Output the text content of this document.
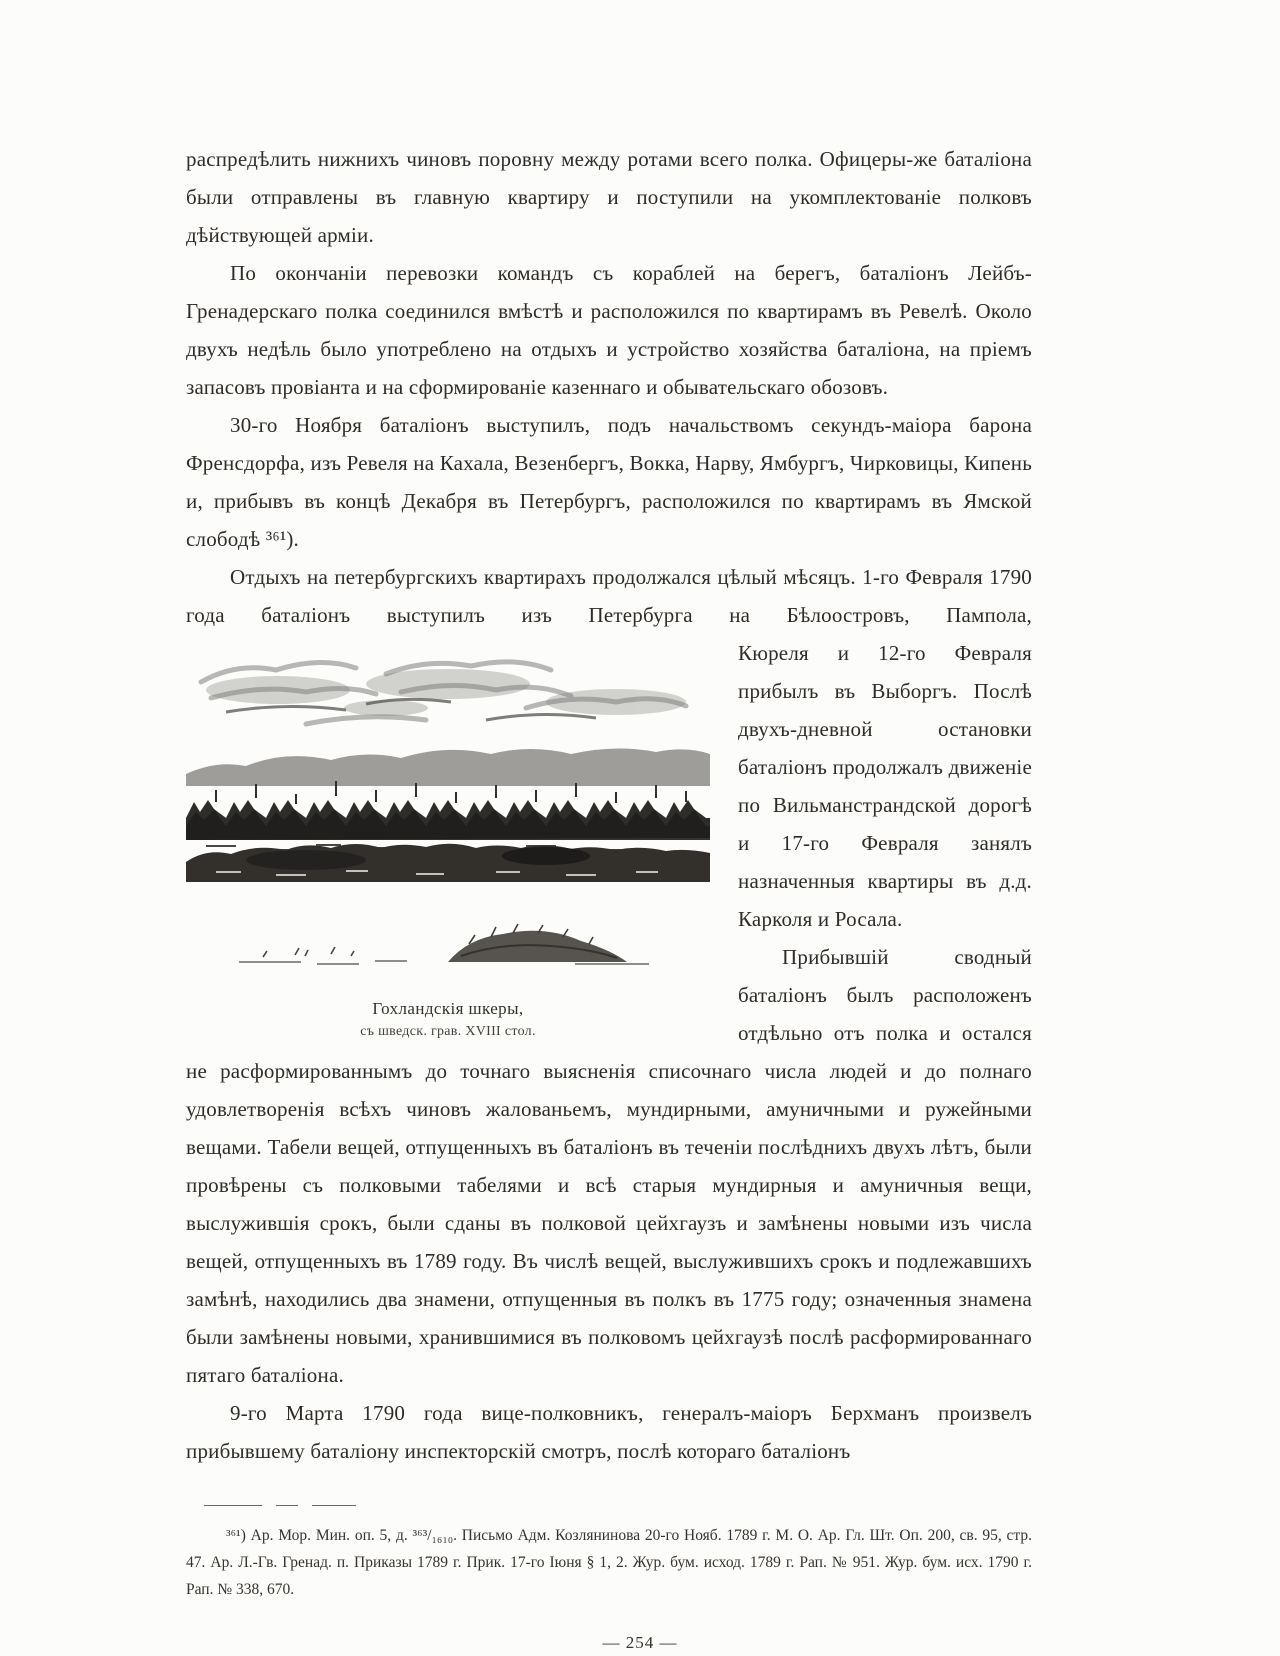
распредѣлить нижнихъ чиновъ поровну между ротами всего полка. Офицеры-же баталіона были отправлены въ главную квартиру и поступили на укомплектованіе полковъ дѣйствующей арміи.

По окончаніи перевозки командъ съ кораблей на берегъ, баталіонъ Лейбъ-Гренадерскаго полка соединился вмѣстѣ и расположился по квартирамъ въ Ревелѣ. Около двухъ недѣль было употреблено на отдыхъ и устройство хозяйства баталіона, на пріемъ запасовъ провіанта и на сформированіе казеннаго и обывательскаго обозовъ.

30-го Ноября баталіонъ выступилъ, подъ начальствомъ секундъ-маіора барона Френсдорфа, изъ Ревеля на Кахала, Везенбергъ, Вокка, Нарву, Ямбургъ, Чирковицы, Кипень и, прибывъ въ концѣ Декабря въ Петербургъ, расположился по квартирамъ въ Ямской слободѣ ³⁶¹).

Отдыхъ на петербургскихъ квартирахъ продолжался цѣлый мѣсяцъ. 1-го Февраля 1790 года баталіонъ выступилъ изъ Петербурга на Бѣлоостровъ, Пампола,

Гохландскія шкеры,
съ шведск. грав. XVIII стол.

Кюреля и 12-го Февраля прибылъ въ Выборгъ. Послѣ двухъ-дневной остановки баталіонъ продолжалъ движеніе по Вильманстрандской дорогѣ и 17-го Февраля занялъ назначенныя квартиры въ д.д. Карколя и Росала.

Прибывшій сводный баталіонъ былъ расположенъ отдѣльно отъ полка и остался не расформированнымъ до точнаго выясненія списочнаго числа людей и до полнаго удовлетворенія всѣхъ чиновъ жалованьемъ, мундирными, амуничными и ружейными вещами. Табели вещей, отпущенныхъ въ баталіонъ въ теченіи послѣднихъ двухъ лѣтъ, были провѣрены съ полковыми табелями и всѣ старыя мундирныя и амуничныя вещи, выслужившія срокъ, были сданы въ полковой цейхгаузъ и замѣнены новыми изъ числа вещей, отпущенныхъ въ 1789 году. Въ числѣ вещей, выслужившихъ срокъ и подлежавшихъ замѣнѣ, находились два знамени, отпущенныя въ полкъ въ 1775 году; означенныя знамена были замѣнены новыми, хранившимися въ полковомъ цейхгаузѣ послѣ расформированнаго пятаго баталіона.

9-го Марта 1790 года вице-полковникъ, генералъ-маіоръ Берхманъ произвелъ прибывшему баталіону инспекторскій смотръ, послѣ котораго баталіонъ

³⁶¹) Ар. Мор. Мин. оп. 5, д. ³⁶³/₁₆₁₀. Письмо Адм. Козлянинова 20-го Нояб. 1789 г. М. О. Ар. Гл. Шт. Оп. 200, св. 95, стр. 47. Ар. Л.-Гв. Гренад. п. Приказы 1789 г. Прик. 17-го Іюня § 1, 2. Жур. бум. исход. 1789 г. Рап. № 951. Жур. бум. исх. 1790 г. Рап. № 338, 670.

— 254 —
